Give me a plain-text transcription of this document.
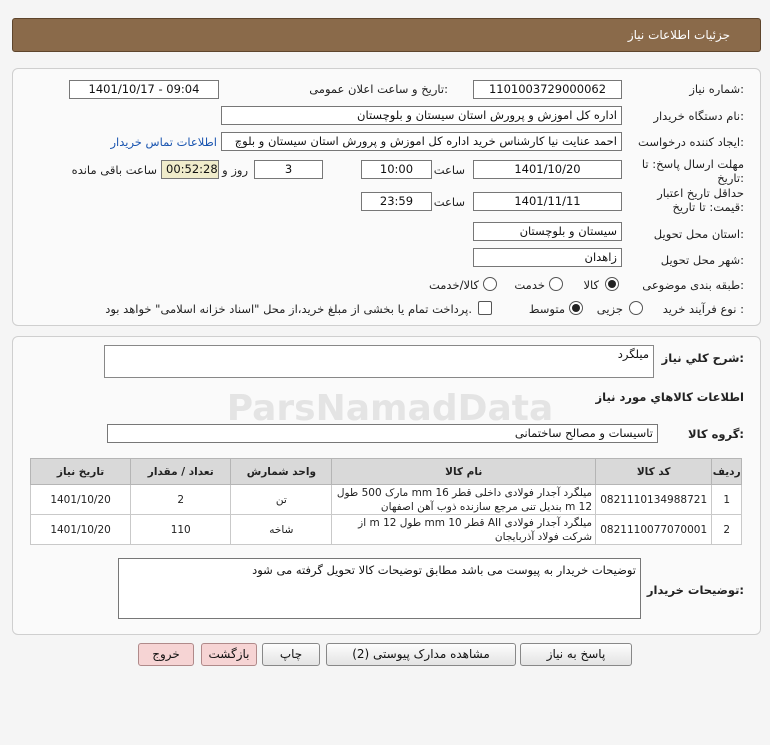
جزئیات اطلاعات نیاز
شماره نیاز:
1101003729000062
تاریخ و ساعت اعلان عمومی:
1401/10/17 - 09:04
نام دستگاه خریدار:
اداره کل اموزش و پرورش استان سیستان و بلوچستان
ایجاد کننده درخواست:
احمد عنایت نیا کارشناس خرید اداره کل اموزش و پرورش استان سیستان و بلوچ
اطلاعات تماس خریدار
مهلت ارسال پاسخ: تا
تاریخ:
1401/10/20
ساعت
10:00
3
روز و
00:52:28
ساعت باقی مانده
حداقل تاریخ اعتبار
قیمت: تا تاریخ:
1401/11/11
ساعت
23:59
استان محل تحویل:
سیستان و بلوچستان
شهر محل تحویل:
زاهدان
طبقه بندی موضوعی:
کالا
خدمت
کالا/خدمت
نوع فرآیند خرید :
جزیی
متوسط
پرداخت تمام یا بخشی از مبلغ خرید،از محل "اسناد خزانه اسلامی" خواهد بود.
شرح کلي نياز:
میلگرد
اطلاعات کالاهاي مورد نياز
گروه کالا:
تاسیسات و مصالح ساختمانی
ردیف	کد کالا	نام کالا	واحد شمارش	تعداد / مقدار	تاریخ نیاز
1	0821110134988721	میلگرد آجدار فولادی داخلی قطر 16 mm مارک 500 طول 12 m بندیل تنی مرجع سازنده ذوب آهن اصفهان	تن	2	1401/10/20
2	0821110077070001	میلگرد آجدار فولادی AII قطر 10 mm طول 12 m از شرکت فولاد آذربایجان	شاخه	110	1401/10/20
توضیحات خریدار:
توضیحات خریدار به پیوست می باشد مطابق توضیحات کالا تحویل گرفته می شود
پاسخ به نیاز
مشاهده مدارک پیوستی (2)
چاپ
بازگشت
خروج
ParsNamadData
